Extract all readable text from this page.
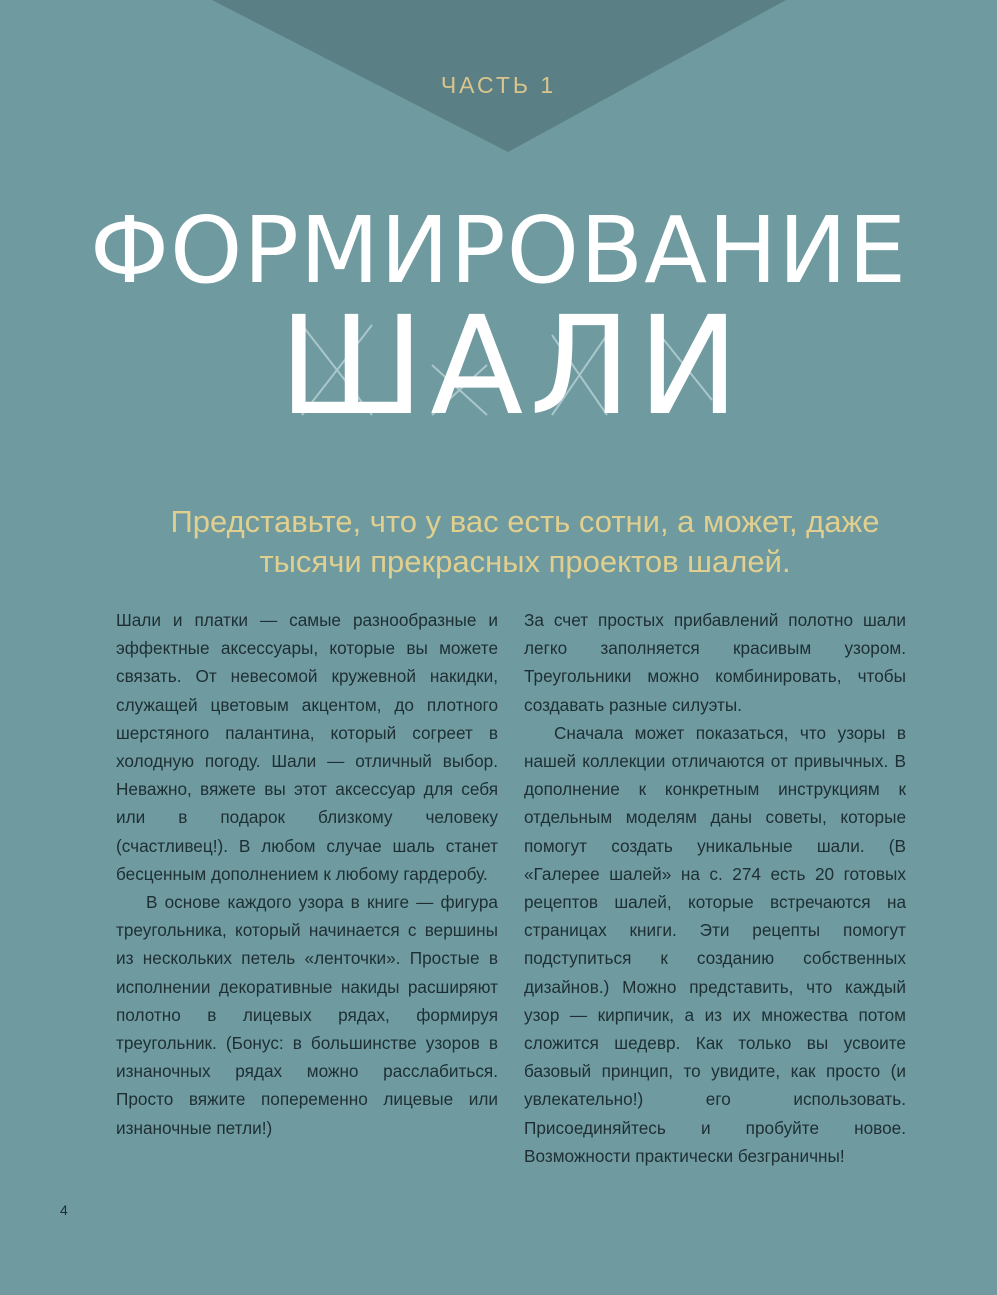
ЧАСТЬ 1
ФОРМИРОВАНИЕ
ШАЛИ
Представьте, что у вас есть сотни, а может, даже тысячи прекрасных проектов шалей.

Шали и платки — самые разнообразные и эффектные аксессуары, которые вы можете связать. От невесомой кружевной накидки, служащей цветовым акцентом, до плотного шерстяного палантина, который согреет в холодную погоду. Шали — отличный выбор. Неважно, вяжете вы этот аксессуар для себя или в подарок близкому человеку (счастливец!). В любом случае шаль станет бесценным дополнением к любому гардеробу.

В основе каждого узора в книге — фигура треугольника, который начинается с вершины из нескольких петель «ленточки». Простые в исполнении декоративные накиды расширяют полотно в лицевых рядах, формируя треугольник. (Бонус: в большинстве узоров в изнаночных рядах можно расслабиться. Просто вяжите попеременно лицевые или изнаночные петли!)

За счет простых прибавлений полотно шали легко заполняется красивым узором. Треугольники можно комбинировать, чтобы создавать разные силуэты.

Сначала может показаться, что узоры в нашей коллекции отличаются от привычных. В дополнение к конкретным инструкциям к отдельным моделям даны советы, которые помогут создать уникальные шали. (В «Галерее шалей» на с. 274 есть 20 готовых рецептов шалей, которые встречаются на страницах книги. Эти рецепты помогут подступиться к созданию собственных дизайнов.) Можно представить, что каждый узор — кирпичик, а из их множества потом сложится шедевр. Как только вы усвоите базовый принцип, то увидите, как просто (и увлекательно!) его использовать. Присоединяйтесь и пробуйте новое. Возможности практически безграничны!

4
